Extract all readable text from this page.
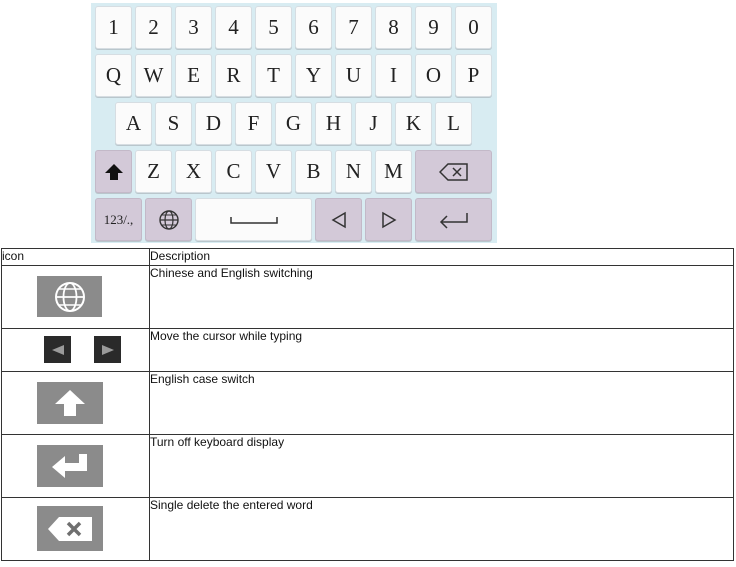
1	2	3	4	5	6	7	8	9	0
Q	W	E	R	T	Y	U	I	O	P
A	S	D	F	G	H	J	K	L
Z	X	C	V	B	N	M
123/.,
icon	Description

	Chinese and English switching

	Move the cursor while typing

	English case switch

	Turn off keyboard display

	Single delete the entered word
